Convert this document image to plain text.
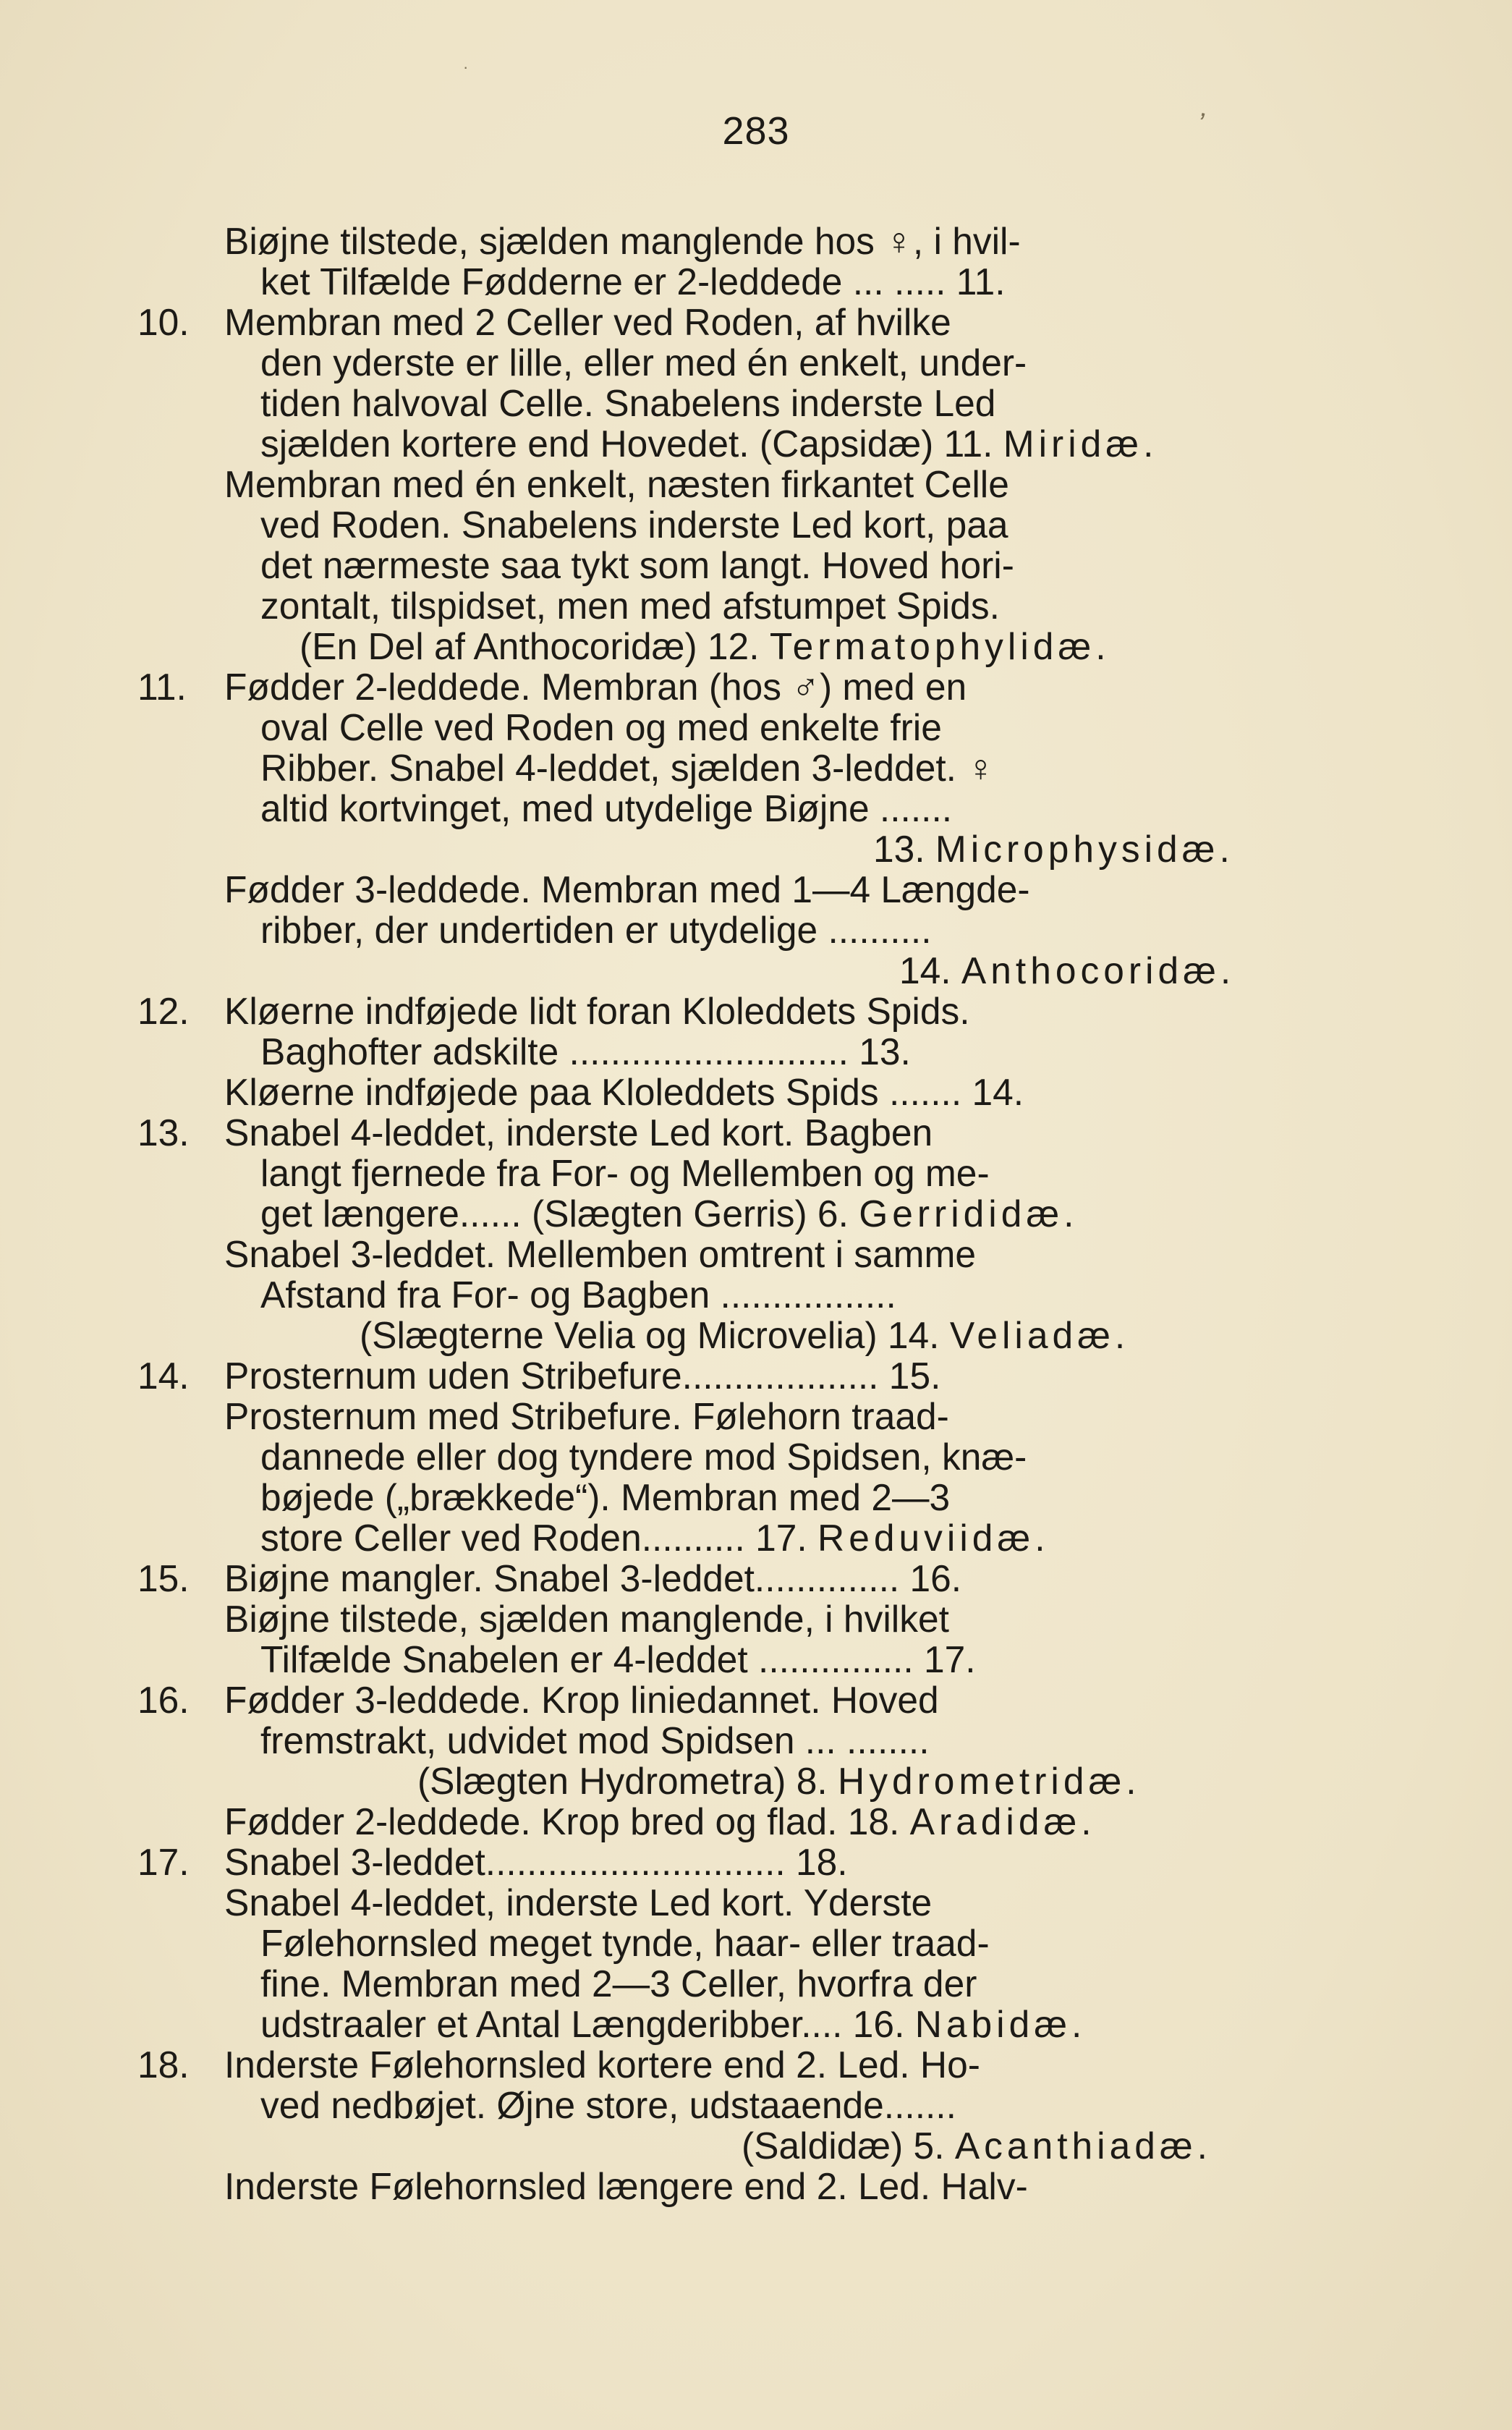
283	ʼ
·
Biøjne tilstede, sjælden manglende hos ♀, i hvil-
ket Tilfælde Fødderne er 2-leddede ... ..... 11.
10. Membran med 2 Celler ved Roden, af hvilke
den yderste er lille, eller med én enkelt, under-
tiden halvoval Celle. Snabelens inderste Led
sjælden kortere end Hovedet. (Capsidæ) 11. Miridæ.
Membran med én enkelt, næsten firkantet Celle
ved Roden. Snabelens inderste Led kort, paa
det nærmeste saa tykt som langt. Hoved hori-
zontalt, tilspidset, men med afstumpet Spids.
(En Del af Anthocoridæ) 12. Termatophylidæ.
11. Fødder 2-leddede. Membran (hos ♂) med en
oval Celle ved Roden og med enkelte frie
Ribber. Snabel 4-leddet, sjælden 3-leddet. ♀
altid kortvinget, med utydelige Biøjne .......
13. Microphysidæ.
Fødder 3-leddede. Membran med 1—4 Længde-
ribber, der undertiden er utydelige ..........
14. Anthocoridæ.
12. Kløerne indføjede lidt foran Kloleddets Spids.
Baghofter adskilte ........................... 13.
Kløerne indføjede paa Kloleddets Spids ....... 14.
13. Snabel 4-leddet, inderste Led kort. Bagben
langt fjernede fra For- og Mellemben og me-
get længere...... (Slægten Gerris) 6. Gerrididæ.
Snabel 3-leddet. Mellemben omtrent i samme
Afstand fra For- og Bagben .................
(Slægterne Velia og Microvelia) 14. Veliadæ.
14. Prosternum uden Stribefure................... 15.
Prosternum med Stribefure. Følehorn traad-
dannede eller dog tyndere mod Spidsen, knæ-
bøjede („brækkede“). Membran med 2—3
store Celler ved Roden.......... 17. Reduviidæ.
15. Biøjne mangler. Snabel 3-leddet.............. 16.
Biøjne tilstede, sjælden manglende, i hvilket
Tilfælde Snabelen er 4-leddet ............... 17.
16. Fødder 3-leddede. Krop liniedannet. Hoved
fremstrakt, udvidet mod Spidsen ... ........
(Slægten Hydrometra) 8. Hydrometridæ.
Fødder 2-leddede. Krop bred og flad. 18. Aradidæ.
17. Snabel 3-leddet............................. 18.
Snabel 4-leddet, inderste Led kort. Yderste
Følehornsled meget tynde, haar- eller traad-
fine. Membran med 2—3 Celler, hvorfra der
udstraaler et Antal Længderibber.... 16. Nabidæ.
18. Inderste Følehornsled kortere end 2. Led. Ho-
ved nedbøjet. Øjne store, udstaaende.......
(Saldidæ) 5. Acanthiadæ.
Inderste Følehornsled længere end 2. Led. Halv-
